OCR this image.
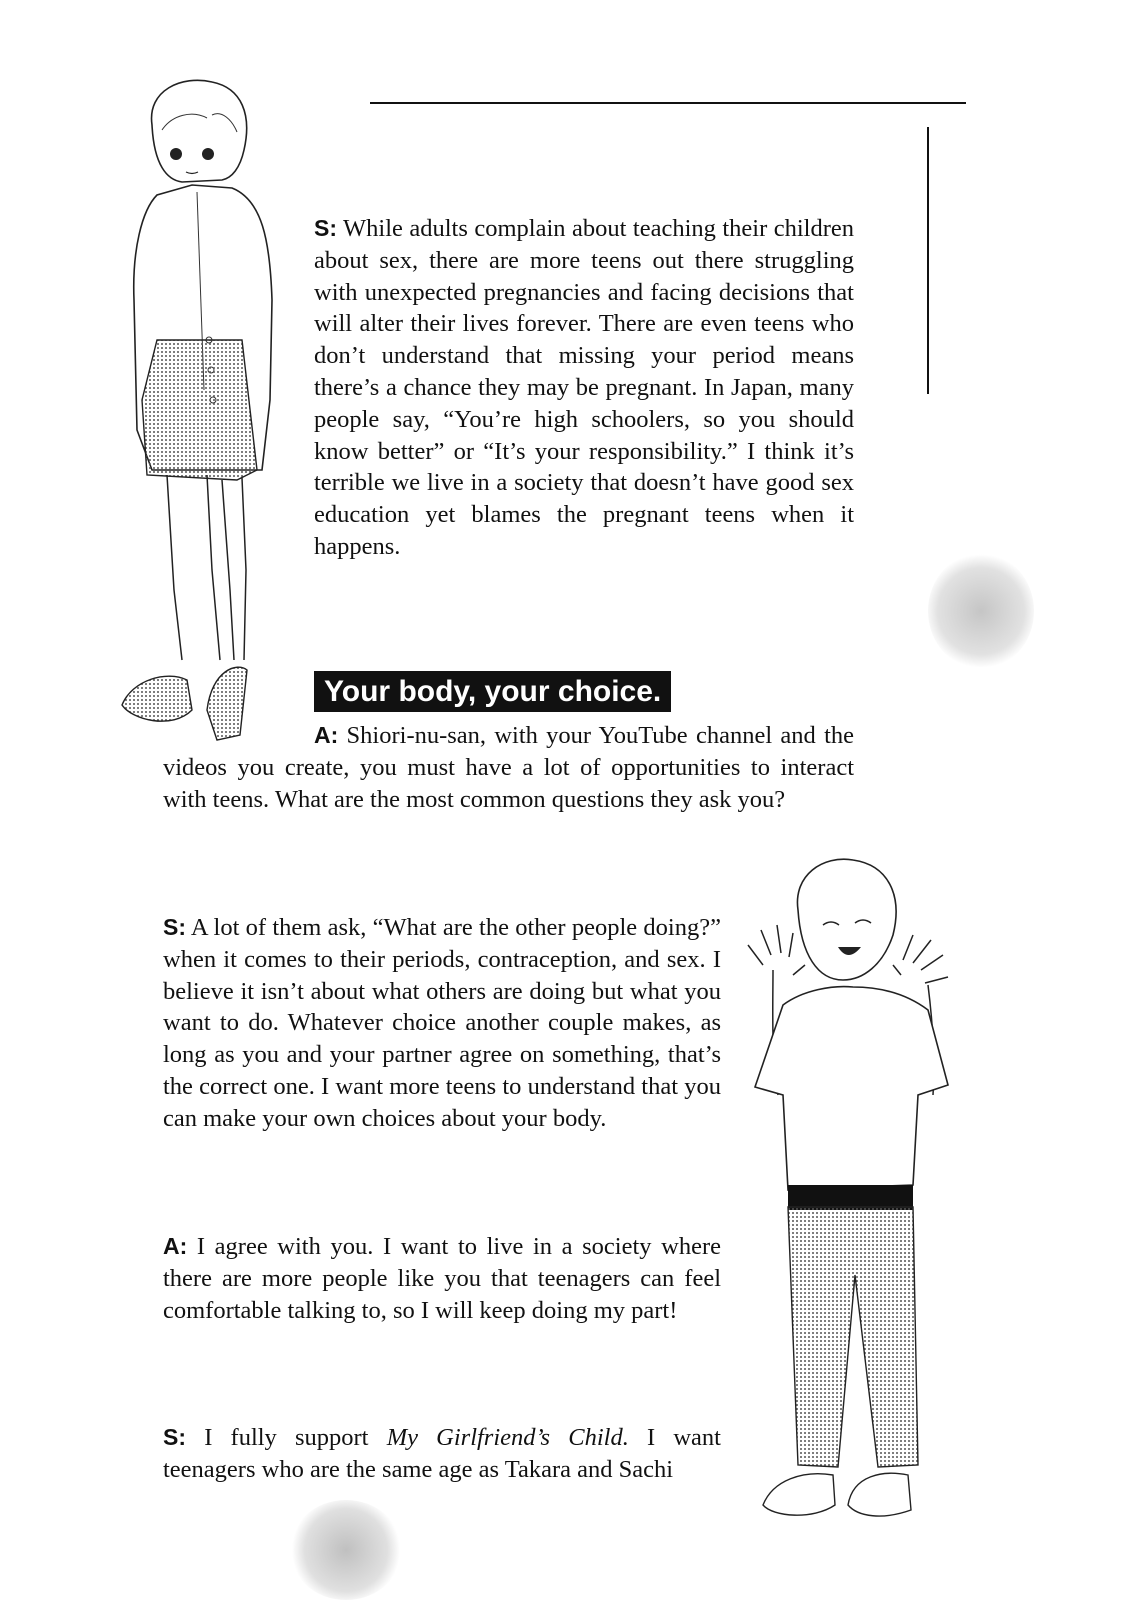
S: While adults complain about teaching their children about sex, there are more teens out there struggling with unexpected pregnancies and facing decisions that will alter their lives forever. There are even teens who don’t understand that missing your period means there’s a chance they may be pregnant. In Japan, many people say, “You’re high schoolers, so you should know better” or “It’s your responsibility.” I think it’s terrible we live in a society that doesn’t have good sex education yet blames the pregnant teens when it happens.

Your body, your choice.

A: Shiori-nu-san, with your YouTube channel and the videos you create, you must have a lot of opportunities to interact with teens. What are the most common questions they ask you?

S: A lot of them ask, “What are the other people doing?” when it comes to their periods, contraception, and sex. I believe it isn’t about what others are doing but what you want to do. Whatever choice another couple makes, as long as you and your partner agree on something, that’s the correct one. I want more teens to understand that you can make your own choices about your body.

A: I agree with you. I want to live in a society where there are more people like you that teenagers can feel comfortable talking to, so I will keep doing my part!

S: I fully support My Girlfriend’s Child. I want teenagers who are the same age as Takara and Sachi
